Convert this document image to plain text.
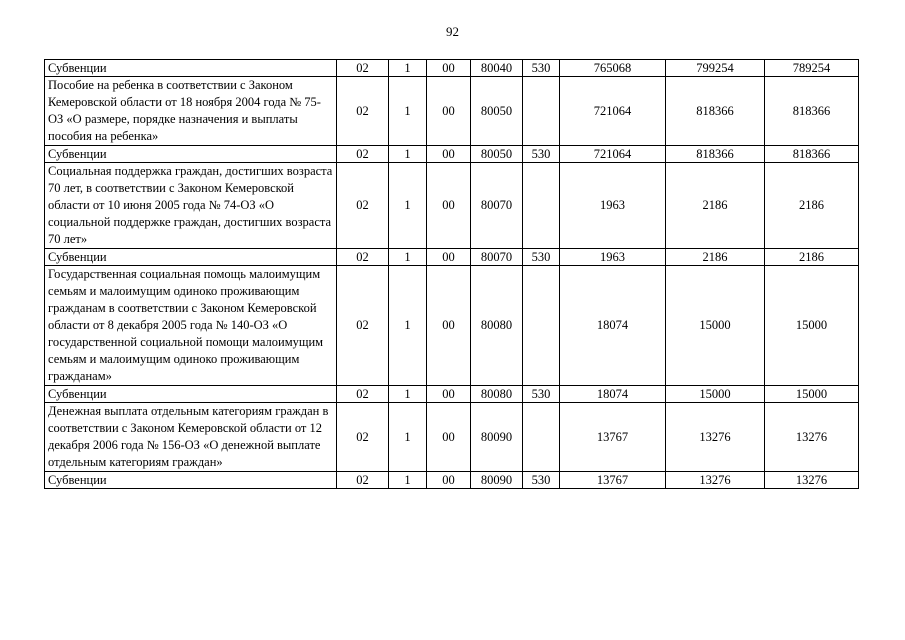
92
Субвенции	02	1	00	80040	530	765068	799254	789254
Пособие на ребенка в соответствии с Законом Кемеровской области от 18 ноября 2004 года № 75-ОЗ «О размере, порядке назначения и выплаты пособия на ребенка»	02	1	00	80050		721064	818366	818366
Субвенции	02	1	00	80050	530	721064	818366	818366
Социальная поддержка граждан, достигших возраста 70 лет, в соответствии с Законом Кемеровской области от 10 июня 2005 года № 74-ОЗ «О социальной поддержке граждан, достигших возраста 70 лет»	02	1	00	80070		1963	2186	2186
Субвенции	02	1	00	80070	530	1963	2186	2186
Государственная социальная помощь малоимущим семьям и малоимущим одиноко проживающим гражданам в соответствии с Законом Кемеровской области от 8 декабря 2005 года № 140-ОЗ «О государственной социальной помощи малоимущим семьям и малоимущим одиноко проживающим гражданам»	02	1	00	80080		18074	15000	15000
Субвенции	02	1	00	80080	530	18074	15000	15000
Денежная выплата отдельным категориям граждан в соответствии с Законом Кемеровской области от 12 декабря 2006 года № 156-ОЗ «О денежной выплате отдельным категориям граждан»	02	1	00	80090		13767	13276	13276
Субвенции	02	1	00	80090	530	13767	13276	13276
